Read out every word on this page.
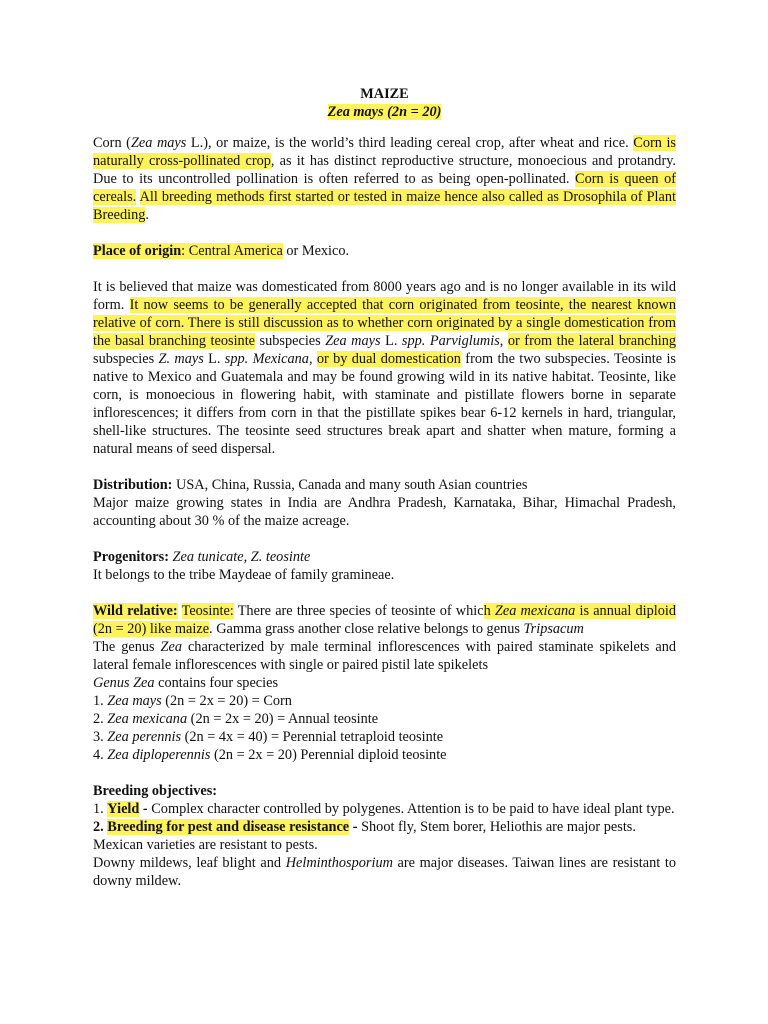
MAIZE

Zea mays (2n = 20)

Corn (Zea mays L.), or maize, is the world’s third leading cereal crop, after wheat and rice. Corn is naturally cross-pollinated crop, as it has distinct reproductive structure, monoecious and protandry. Due to its uncontrolled pollination is often referred to as being open-pollinated. Corn is queen of cereals. All breeding methods first started or tested in maize hence also called as Drosophila of Plant Breeding.

Place of origin: Central America or Mexico.

It is believed that maize was domesticated from 8000 years ago and is no longer available in its wild form. It now seems to be generally accepted that corn originated from teosinte, the nearest known relative of corn. There is still discussion as to whether corn originated by a single domestication from the basal branching teosinte subspecies Zea mays L. spp. Parviglumis, or from the lateral branching subspecies Z. mays L. spp. Mexicana, or by dual domestication from the two subspecies. Teosinte is native to Mexico and Guatemala and may be found growing wild in its native habitat. Teosinte, like corn, is monoecious in flowering habit, with staminate and pistillate flowers borne in separate inflorescences; it differs from corn in that the pistillate spikes bear 6-12 kernels in hard, triangular, shell-like structures. The teosinte seed structures break apart and shatter when mature, forming a natural means of seed dispersal.

Distribution: USA, China, Russia, Canada and many south Asian countries

Major maize growing states in India are Andhra Pradesh, Karnataka, Bihar, Himachal Pradesh, accounting about 30 % of the maize acreage.

Progenitors: Zea tunicate, Z. teosinte

It belongs to the tribe Maydeae of family gramineae.

Wild relative: Teosinte: There are three species of teosinte of which Zea mexicana is annual diploid (2n = 20) like maize. Gamma grass another close relative belongs to genus Tripsacum

The genus Zea characterized by male terminal inflorescences with paired staminate spikelets and lateral female inflorescences with single or paired pistil late spikelets

Genus Zea contains four species

1. Zea mays (2n = 2x = 20) = Corn

2. Zea mexicana (2n = 2x = 20) = Annual teosinte

3. Zea perennis (2n = 4x = 40) = Perennial tetraploid teosinte

4. Zea diploperennis (2n = 2x = 20) Perennial diploid teosinte

Breeding objectives:

1. Yield - Complex character controlled by polygenes. Attention is to be paid to have ideal plant type.

2. Breeding for pest and disease resistance - Shoot fly, Stem borer, Heliothis are major pests.

Mexican varieties are resistant to pests.

Downy mildews, leaf blight and Helminthosporium are major diseases. Taiwan lines are resistant to downy mildew.
